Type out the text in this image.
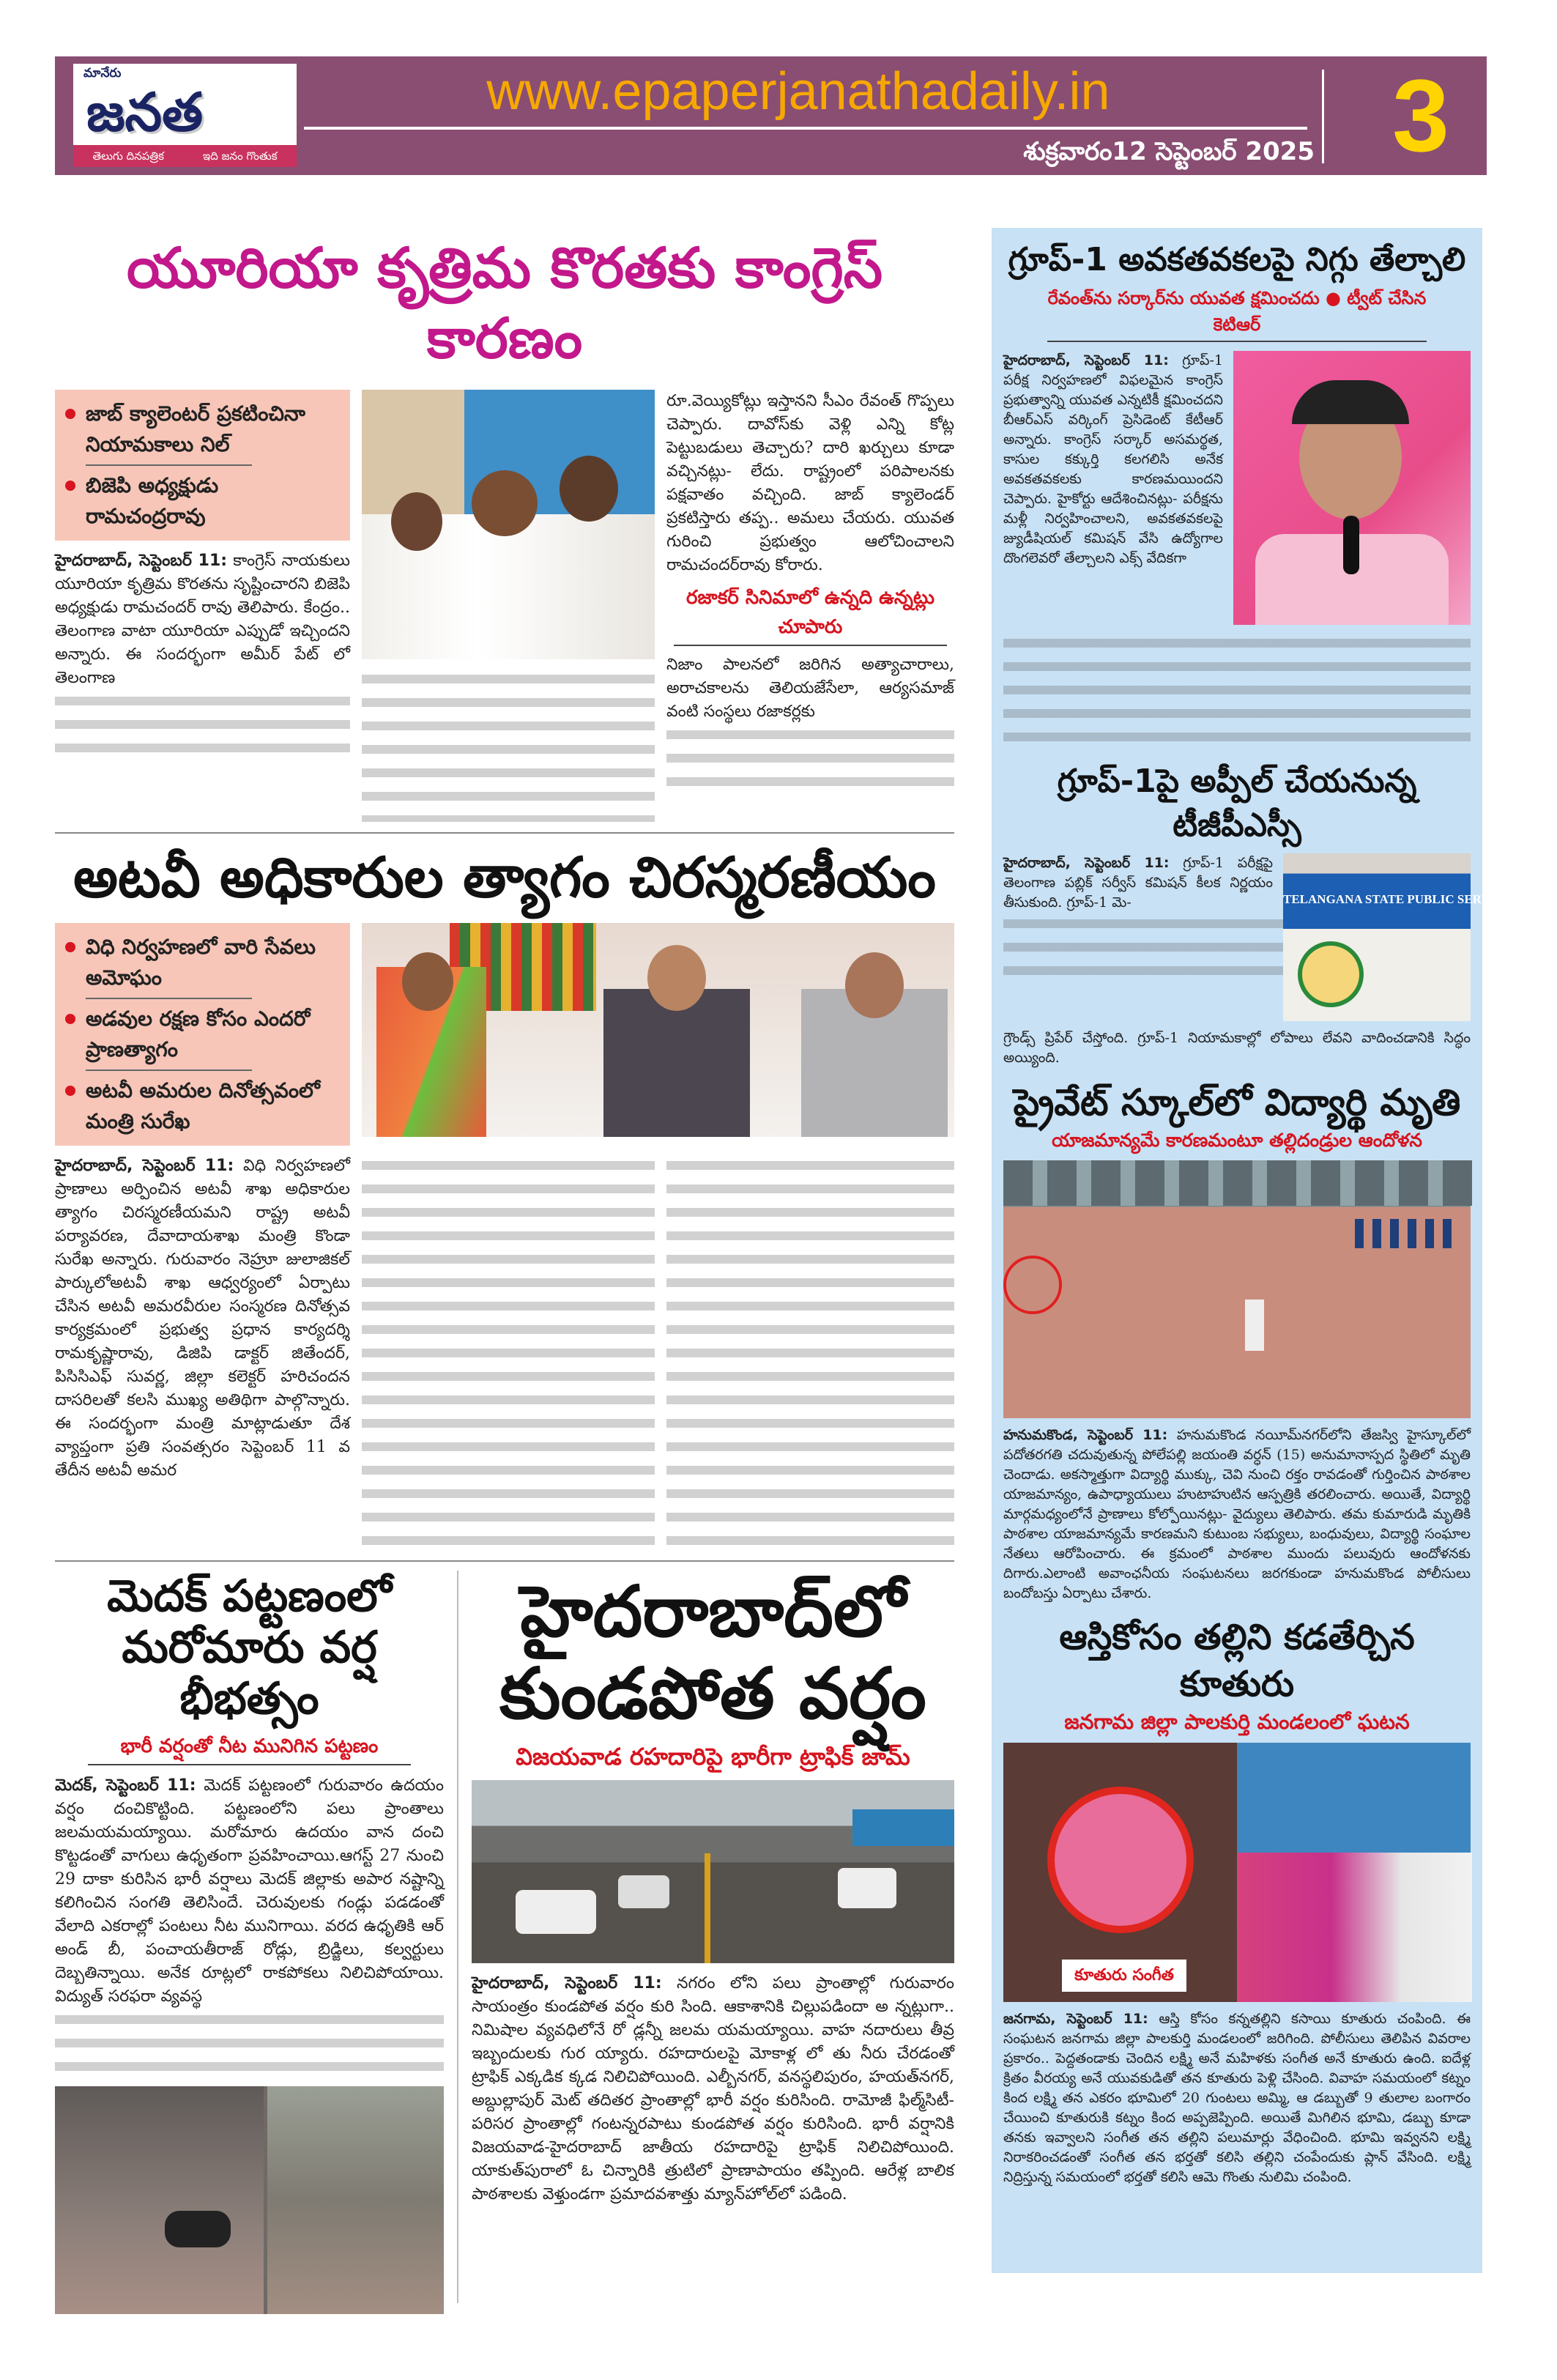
మానేరు
జనత
తెలుగు దినపత్రిక	ఇది జనం గొంతుక
www.epaperjanathadaily.in
శుక్రవారం12 సెప్టెంబర్ 2025 3
యూరియా కృత్రిమ కొరతకు కాంగ్రెస్ కారణం
జాబ్ క్యాలెంటర్ ప్రకటించినా నియామకాలు నిల్
బిజెపి అధ్యక్షుడు రామచంద్రరావు

హైదరాబాద్, సెప్టెంబర్ 11: కాంగ్రెస్ నాయకులు యూరియా కృత్రిమ కొరతను సృష్టించారని బిజెపి అధ్యక్షుడు రామచందర్ రావు తెలిపారు. కేంద్రం.. తెలంగాణ వాటా యూరియా ఎప్పుడో ఇచ్చిందని అన్నారు. ఈ సందర్భంగా అమీర్ పేట్ లో తెలంగాణ

రూ.వెయ్యికోట్లు ఇస్తానని సీఎం రేవంత్ గొప్పలు చెప్పారు. దావోస్‌కు వెళ్లి ఎన్ని కోట్ల పెట్టుబడులు తెచ్చారు? దారి ఖర్చులు కూడా వచ్చినట్లు- లేదు. రాష్ట్రంలో పరిపాలనకు పక్షవాతం వచ్చింది. జాబ్ క్యాలెండర్ ప్రకటిస్తారు తప్ప.. అమలు చేయరు. యువత గురించి ప్రభుత్వం ఆలోచించాలని రామచందర్‌రావు కోరారు.

రజాకర్ సినిమాలో ఉన్నది ఉన్నట్లు చూపారు

నిజాం పాలనలో జరిగిన అత్యాచారాలు, అరాచకాలను తెలియజేసేలా, ఆర్యసమాజ్ వంటి సంస్థలు రజాకర్లకు

అటవీ అధికారుల త్యాగం చిరస్మరణీయం
విధి నిర్వహణలో వారి సేవలు అమోఘం
అడవుల రక్షణ కోసం ఎందరో ప్రాణత్యాగం
అటవీ అమరుల దినోత్సవంలో మంత్రి సురేఖ

హైదరాబాద్, సెప్టెంబర్ 11: విధి నిర్వహణలో ప్రాణాలు అర్పించిన అటవీ శాఖ అధికారుల త్యాగం చిరస్మరణీయమని రాష్ట్ర అటవీ పర్యావరణ, దేవాదాయశాఖ మంత్రి కొండా సురేఖ అన్నారు. గురువారం నెహ్రూ జులాజికల్ పార్కులోఅటవీ శాఖ ఆధ్వర్యంలో ఏర్పాటు చేసిన అటవీ అమరవీరుల సంస్మరణ దినోత్సవ కార్యక్రమంలో ప్రభుత్వ ప్రధాన కార్యదర్శి రామకృష్ణారావు, డిజిపి డాక్టర్ జితేందర్, పిసిసిఎఫ్ సువర్ణ, జిల్లా కలెక్టర్ హరిచందన దాసరిలతో కలసి ముఖ్య అతిథిగా పాల్గొన్నారు. ఈ సందర్భంగా మంత్రి మాట్లాడుతూ దేశ వ్యాప్తంగా ప్రతి సంవత్సరం సెప్టెంబర్ 11 వ తేదీన అటవీ అమర

మెదక్ పట్టణంలో
మరోమారు వర్ష భీభత్సం
భారీ వర్షంతో నీట మునిగిన పట్టణం

మెదక్, సెప్టెంబర్ 11: మెదక్ పట్టణంలో గురువారం ఉదయం వర్షం దంచికొట్టింది. పట్టణంలోని పలు ప్రాంతాలు జలమయమయ్యాయి. మరోమారు ఉదయం వాన దంచి కొట్టడంతో వాగులు ఉధృతంగా ప్రవహించాయి.ఆగస్ట్ 27 నుంచి 29 దాకా కురిసిన భారీ వర్షాలు మెదక్ జిల్లాకు అపార నష్టాన్ని కలిగించిన సంగతి తెలిసిందే. చెరువులకు గండ్లు పడడంతో వేలాది ఎకరాల్లో పంటలు నీట మునిగాయి. వరద ఉధృతికి ఆర్ అండ్ బీ, పంచాయతీరాజ్ రోడ్లు, బ్రిడ్జిలు, కల్వర్టులు దెబ్బతిన్నాయి. అనేక రూట్లలో రాకపోకలు నిలిచిపోయాయి. విద్యుత్ సరఫరా వ్యవస్థ

హైదరాబాద్‌లో
కుండపోత వర్షం
విజయవాడ రహదారిపై భారీగా ట్రాఫిక్ జామ్

హైదరాబాద్, సెప్టెంబర్ 11: నగరం లోని పలు ప్రాంతాల్లో గురువారం సాయంత్రం కుండపోత వర్షం కురి సింది. ఆకాశానికి చిల్లుపడిందా అ న్నట్లుగా.. నిమిషాల వ్యవధిలోనే రో డ్లన్నీ జలమ యమయ్యాయి. వాహ నదారులు తీవ్ర ఇబ్బందులకు గుర య్యారు. రహదారులపై మోకాళ్ల లో తు నీరు చేరడంతో ట్రాఫిక్ ఎక్కడిక క్కడ నిలిచిపోయింది. ఎల్బీనగర్, వనస్థలిపురం, హయత్‌నగర్, అబ్దుల్లాపుర్ మెట్ తదితర ప్రాంతాల్లో భారీ వర్షం కురిసింది. రామోజీ ఫిల్మ్‌సిటీ-పరిసర ప్రాంతాల్లో గంటన్నరపాటు కుండపోత వర్షం కురిసింది. భారీ వర్షానికి విజయవాడ-హైదరాబాద్ జాతీయ రహదారిపై ట్రాఫిక్ నిలిచిపోయింది. యాకుత్‌పురాలో ఓ చిన్నారికి త్రుటిలో ప్రాణాపాయం తప్పింది. ఆరేళ్ల బాలిక పాఠశాలకు వెళ్తుండగా ప్రమాదవశాత్తు మ్యాన్‌హోల్‌లో పడింది.

గ్రూప్-1 అవకతవకలపై నిగ్గు తేల్చాలి
రేవంత్‌ను సర్కార్‌ను యువత క్షమించదు ● ట్వీట్ చేసిన కెటిఆర్

హైదరాబాద్, సెప్టెంబర్ 11: గ్రూప్-1 పరీక్ష నిర్వహణలో విఫలమైన కాంగ్రెస్ ప్రభుత్వాన్ని యువత ఎన్నటికీ క్షమించదని బీఆర్ఎస్ వర్కింగ్ ప్రెసిడెంట్ కేటీఆర్ అన్నారు. కాంగ్రెస్ సర్కార్ అసమర్థత, కాసుల కక్కుర్తి కలగలిసి అనేక అవకతవకలకు కారణమయిందని చెప్పారు. హైకోర్టు ఆదేశించినట్లు- పరీక్షను మళ్లీ నిర్వహించాలని, అవకతవకలపై జ్యుడీషియల్ కమిషన్ వేసి ఉద్యోగాల దొంగలెవరో తేల్చాలని ఎక్స్ వేదికగా

గ్రూప్-1పై అప్పీల్ చేయనున్న టీజీపీఎస్సీ
TELANGANA STATE PUBLIC SERVICE

హైదరాబాద్, సెప్టెంబర్ 11: గ్రూప్-1 పరీక్షపై తెలంగాణ పబ్లిక్ సర్వీస్ కమిషన్ కీలక నిర్ణయం తీసుకుంది. గ్రూప్-1 మె-

గ్రౌండ్స్ ప్రిపేర్ చేస్తోంది. గ్రూప్-1 నియామకాల్లో లోపాలు లేవని వాదించడానికి సిద్ధం అయ్యింది.

ప్రైవేట్ స్కూల్‌లో విద్యార్థి మృతి
యాజమాన్యమే కారణమంటూ తల్లిదండ్రుల ఆందోళన

హనుమకొండ, సెప్టెంబర్ 11: హనుమకొండ నయీమ్‌నగర్‌లోని తేజస్వి హైస్కూల్‌లో పదోతరగతి చదువుతున్న పోలేపల్లి జయంతి వర్ధన్ (15) అనుమానాస్పద స్థితిలో మృతి చెందాడు. అకస్మాత్తుగా విద్యార్థి ముక్కు, చెవి నుంచి రక్తం రావడంతో గుర్తించిన పాఠశాల యాజమాన్యం, ఉపాధ్యాయులు హుటాహుటిన ఆస్పత్రికి తరలించారు. అయితే, విద్యార్థి మార్గమధ్యంలోనే ప్రాణాలు కోల్పోయినట్లు- వైద్యులు తెలిపారు. తమ కుమారుడి మృతికి పాఠశాల యాజమాన్యమే కారణమని కుటుంబ సభ్యులు, బంధువులు, విద్యార్థి సంఘాల నేతలు ఆరోపించారు. ఈ క్రమంలో పాఠశాల ముందు పలువురు ఆందోళనకు దిగారు.ఎలాంటి అవాంఛనీయ సంఘటనలు జరగకుండా హనుమకొండ పోలీసులు బందోబస్తు ఏర్పాటు చేశారు.

ఆస్తికోసం తల్లిని కడతేర్చిన కూతురు
జనగామ జిల్లా పాలకుర్తి మండలంలో ఘటన
కూతురు సంగీత

జనగామ, సెప్టెంబర్ 11: ఆస్తి కోసం కన్నతల్లిని కసాయి కూతురు చంపింది. ఈ సంఘటన జనగామ జిల్లా పాలకుర్తి మండలంలో జరిగింది. పోలీసులు తెలిపిన వివరాల ప్రకారం.. పెద్దతండాకు చెందిన లక్ష్మి అనే మహిళకు సంగీత అనే కూతురు ఉంది. ఐదేళ్ల క్రితం వీరయ్య అనే యువకుడితో తన కూతురు పెళ్లి చేసింది. వివాహ సమయంలో కట్నం కింద లక్ష్మి తన ఎకరం భూమిలో 20 గుంటలు అమ్మి, ఆ డబ్బుతో 9 తులాల బంగారం చేయించి కూతురుకి కట్నం కింద అప్పజెప్పింది. అయితే మిగిలిన భూమి, డబ్బు కూడా తనకు ఇవ్వాలని సంగీత తన తల్లిని పలుమార్లు వేధించింది. భూమి ఇవ్వనని లక్ష్మి నిరాకరించడంతో సంగీత తన భర్తతో కలిసి తల్లిని చంపేందుకు ప్లాన్ వేసింది. లక్ష్మి నిద్రిస్తున్న సమయంలో భర్తతో కలిసి ఆమె గొంతు నులిమి చంపింది.
